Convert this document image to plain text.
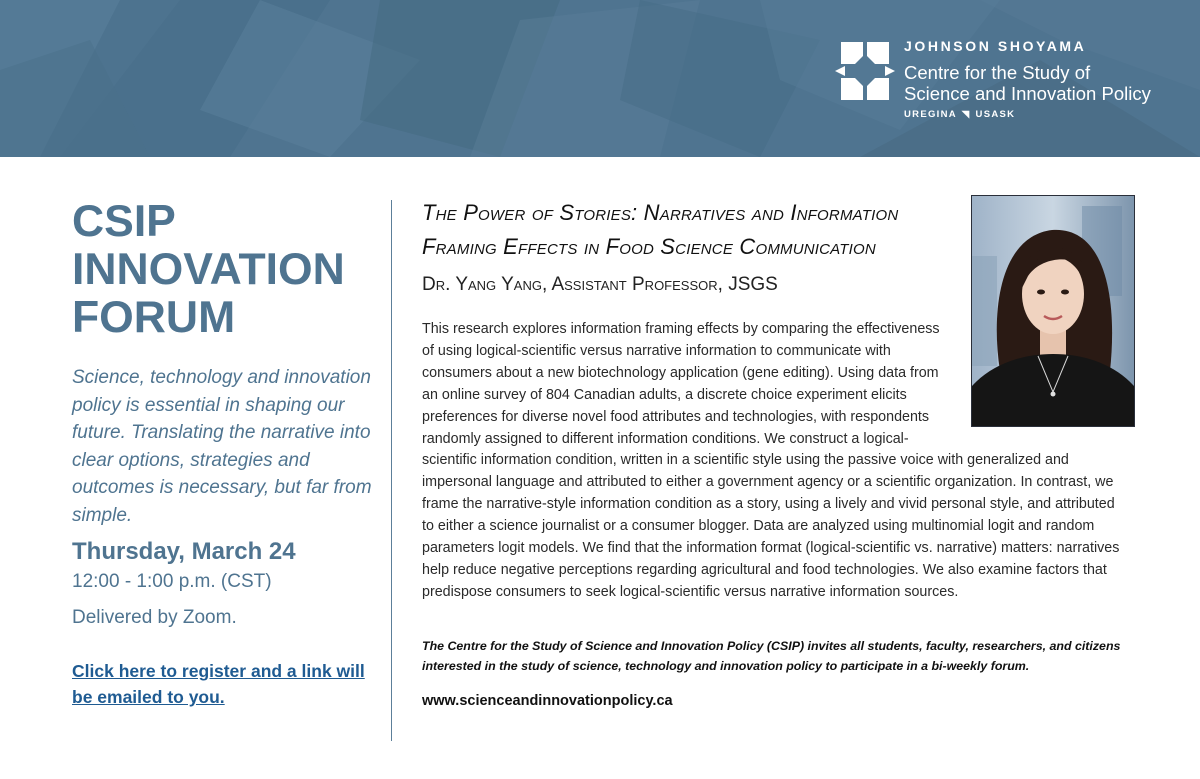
JOHNSON SHOYAMA
Centre for the Study of
Science and Innovation Policy
UREGINA ◥ USASK
CSIP
INNOVATION
FORUM
Science, technology and innovation policy is essential in shaping our future. Translating the narrative into clear options, strategies and outcomes is necessary, but far from simple.
Thursday, March 24
12:00 - 1:00 p.m. (CST)
Delivered by Zoom.
Click here to register and a link will be emailed to you.
The Power of Stories: Narratives and Information
Framing Effects in Food Science Communication
Dr. Yang Yang, Assistant Professor, JSGS
This research explores information framing effects by comparing the effectiveness of using logical-scientific versus narrative information to communicate with consumers about a new biotechnology application (gene editing). Using data from an online survey of 804 Canadian adults, a discrete choice experiment elicits preferences for diverse novel food attributes and technologies, with respondents randomly assigned to different information conditions. We construct a logical-scientific information condition, written in a scientific style using the passive voice with generalized and impersonal language and attributed to either a government agency or a scientific organization. In contrast, we frame the narrative-style information condition as a story, using a lively and vivid personal style, and attributed to either a science journalist or a consumer blogger. Data are analyzed using multinomial logit and random parameters logit models. We find that the information format (logical-scientific vs. narrative) matters: narratives help reduce negative perceptions regarding agricultural and food technologies. We also examine factors that predispose consumers to seek logical-scientific versus narrative information sources.
The Centre for the Study of Science and Innovation Policy (CSIP) invites all students, faculty, researchers, and citizens interested in the study of science, technology and innovation policy to participate in a bi-weekly forum.
www.scienceandinnovationpolicy.ca
